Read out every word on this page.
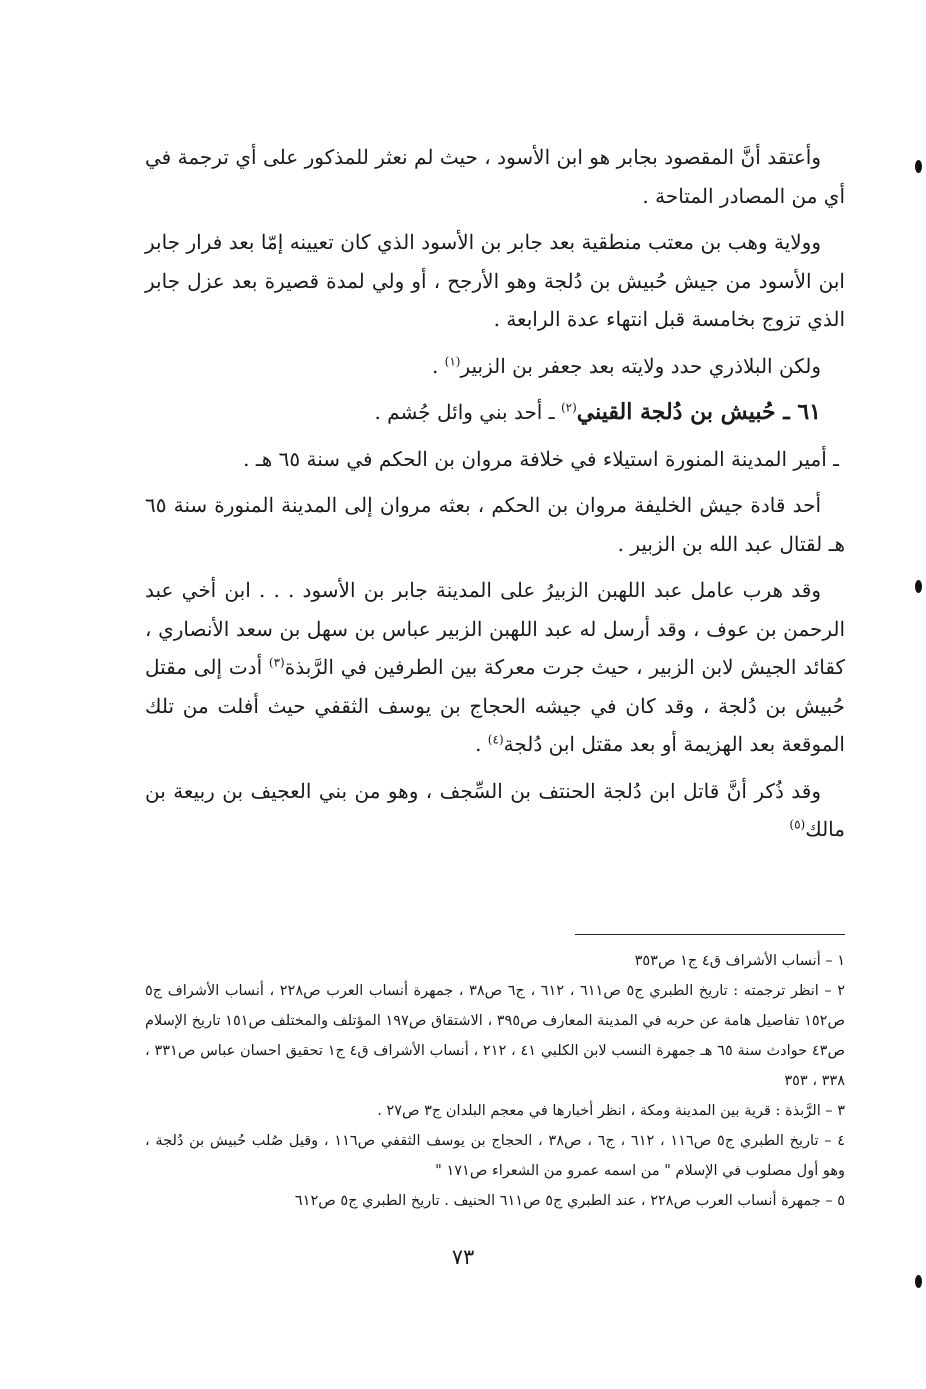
وأعتقد أنَّ المقصود بجابر هو ابن الأسود ، حيث لم نعثر للمذكور على أي ترجمة في أي من المصادر المتاحة .

وولاية وهب بن معتب منطقية بعد جابر بن الأسود الذي كان تعيينه إمّا بعد فرار جابر ابن الأسود من جيش حُبيش بن دُلجة وهو الأرجح ، أو ولي لمدة قصيرة بعد عزل جابر الذي تزوج بخامسة قبل انتهاء عدة الرابعة .

ولكن البلاذري حدد ولايته بعد جعفر بن الزبير$^{(١)}$ .

٦١ ـ حُبيش بن دُلجة القيني$^{(٢)}$ ـ أحد بني وائل جُشم .

ـ أمير المدينة المنورة استيلاء في خلافة مروان بن الحكم في سنة ٦٥ هـ .

أحد قادة جيش الخليفة مروان بن الحكم ، بعثه مروان إلى المدينة المنورة سنة ٦٥ هـ لقتال عبد الله بن الزبير .

وقد هرب عامل عبد اللهبن الزبيرُ على المدينة جابر بن الأسود . . . ابن أخي عبد الرحمن بن عوف ، وقد أرسل له عبد اللهبن الزبير عباس بن سهل بن سعد الأنصاري ، كقائد الجيش لابن الزبير ، حيث جرت معركة بين الطرفين في الرَّبذة$^{(٣)}$ أدت إلى مقتل حُبيش بن دُلجة ، وقد كان في جيشه الحجاج بن يوسف الثقفي حيث أفلت من تلك الموقعة بعد الهزيمة أو بعد مقتل ابن دُلجة$^{(٤)}$ .

وقد ذُكر أنَّ قاتل ابن دُلجة الحنتف بن السِّجف ، وهو من بني العجيف بن ربيعة بن مالك$^{(٥)}$

١ – أنساب الأشراف ق٤ ج١ ص٣٥٣

٢ – انظر ترجمته : تاريخ الطبري ج٥ ص٦١١ ، ٦١٢ ، ج٦ ص٣٨ ، جمهرة أنساب العرب ص٢٢٨ ، أنساب الأشراف ج٥ ص١٥٢ تفاصيل هامة عن حربه في المدينة المعارف ص٣٩٥ ، الاشتقاق ص١٩٧ المؤتلف والمختلف ص١٥١ تاريخ الإسلام ص٤٣ حوادث سنة ٦٥ هـ جمهرة النسب لابن الكلبي ٤١ ، ٢١٢ ، أنساب الأشراف ق٤ ج١ تحقيق احسان عباس ص٣٣١ ، ٣٣٨ ، ٣٥٣

٣ – الرَّبذة : قرية بين المدينة ومكة ، انظر أخبارها في معجم البلدان ج٣ ص٢٧ .

٤ – تاريخ الطبري ج٥ ص١١٦ ، ٦١٢ ، ج٦ ، ص٣٨ ، الحجاج بن يوسف الثقفي ص١١٦ ، وقيل صُلب حُبيش بن دُلجة ، وهو أول مصلوب في الإسلام " من اسمه عمرو من الشعراء ص١٧١ "

٥ – جمهرة أنساب العرب ص٢٢٨ ، عند الطبري ج٥ ص٦١١ الحنيف . تاريخ الطبري ج٥ ص٦١٢

٧٣
